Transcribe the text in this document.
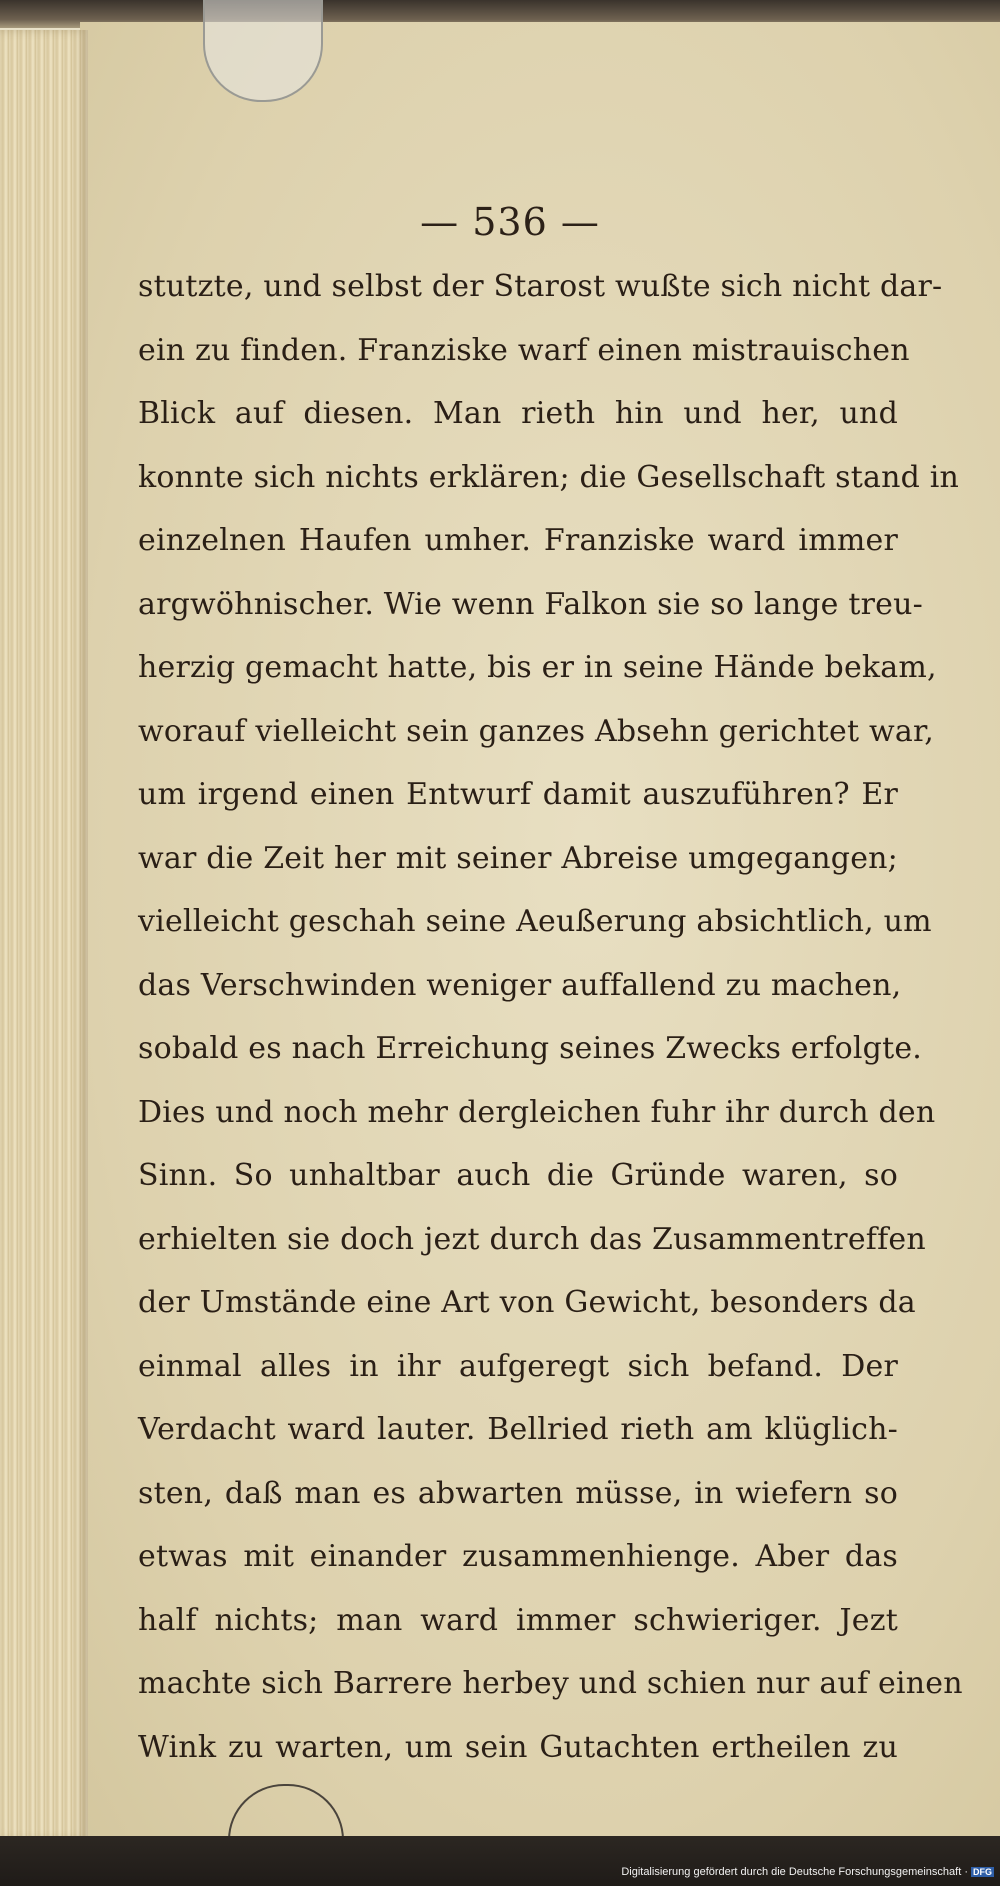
— 536 —
stutzte, und selbst der Starost wußte sich nicht dar-
ein zu finden. Franziske warf einen mistrauischen
Blick auf diesen. Man rieth hin und her, und
konnte sich nichts erklären; die Gesellschaft stand in
einzelnen Haufen umher. Franziske ward immer
argwöhnischer. Wie wenn Falkon sie so lange treu-
herzig gemacht hatte, bis er in seine Hände bekam,
worauf vielleicht sein ganzes Absehn gerichtet war,
um irgend einen Entwurf damit auszuführen? Er
war die Zeit her mit seiner Abreise umgegangen;
vielleicht geschah seine Aeußerung absichtlich, um
das Verschwinden weniger auffallend zu machen,
sobald es nach Erreichung seines Zwecks erfolgte.
Dies und noch mehr dergleichen fuhr ihr durch den
Sinn. So unhaltbar auch die Gründe waren, so
erhielten sie doch jezt durch das Zusammentreffen
der Umstände eine Art von Gewicht, besonders da
einmal alles in ihr aufgeregt sich befand. Der
Verdacht ward lauter. Bellried rieth am klüglich-
sten, daß man es abwarten müsse, in wiefern so
etwas mit einander zusammenhienge. Aber das
half nichts; man ward immer schwieriger. Jezt
machte sich Barrere herbey und schien nur auf einen
Wink zu warten, um sein Gutachten ertheilen zu
Digitalisierung gefördert durch die Deutsche Forschungsgemeinschaft · DFG
